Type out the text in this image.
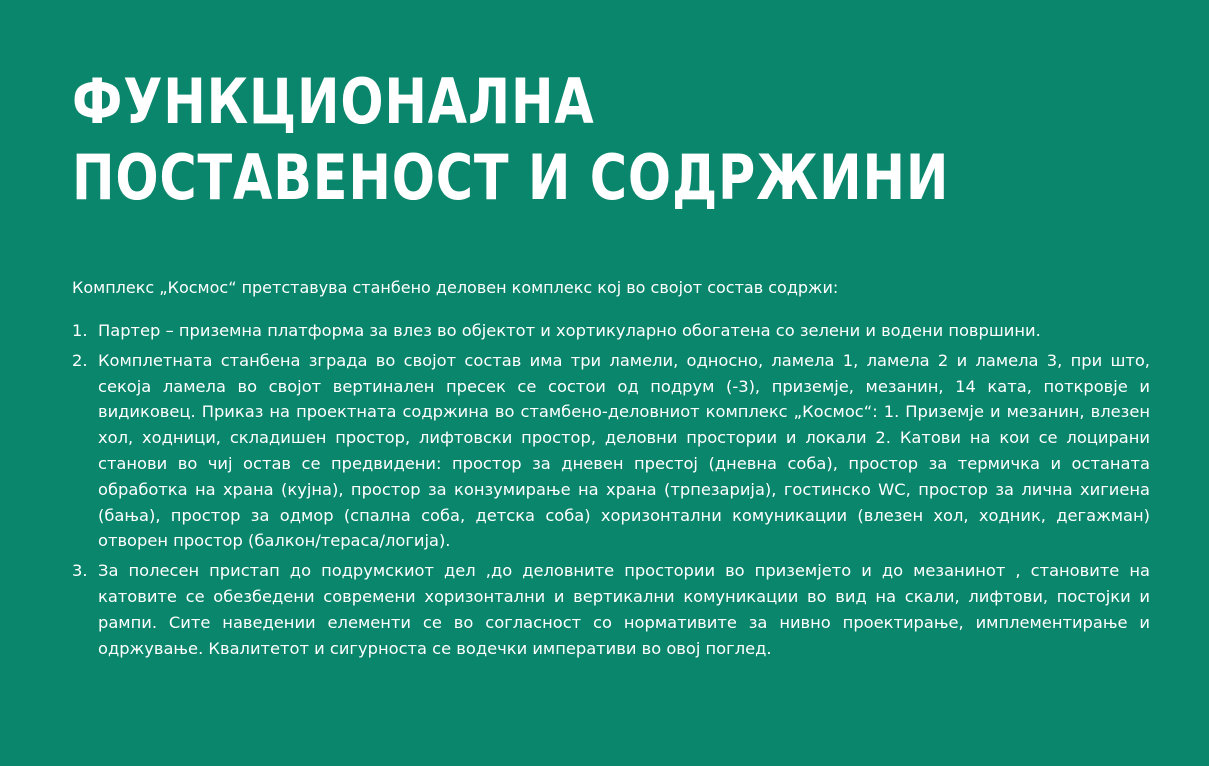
ФУНКЦИОНАЛНА
ПОСТАВЕНОСТ И СОДРЖИНИ

Комплекс „Космос“ претставува станбено деловен комплекс кој во својот состав содржи:

1. Партер – приземна платформа за влез во објектот и хортикуларно обогатена со зелени и водени површини.
2. Комплетната станбена зграда во својот состав има три ламели, односно, ламела 1, ламела 2 и ламела 3, при што, секоја ламела во својот вертинален пресек се состои од подрум (-3), приземје, мезанин, 14 ката, поткровје и видиковец. Приказ на проектната содржина во стамбено-деловниот комплекс „Космос“: 1. Приземје и мезанин, влезен хол, ходници, складишен простор, лифтовски простор, деловни простории и локали 2. Катови на кои се лоцирани станови во чиј остав се предвидени: простор за дневен престој (дневна соба), простор за термичка и останата обработка на храна (кујна), простор за конзумирање на храна (трпезарија), гостинско WC, простор за лична хигиена (бања), простор за одмор (спална соба, детска соба) хоризонтални комуникации (влезен хол, ходник, дегажман) отворен простор (балкон/тераса/логија).
3. За полесен пристап до подрумскиот дел ,до деловните простории во приземјето и до мезанинот , становите на катовите се обезбедени современи хоризонтални и вертикални комуникации во вид на скали, лифтови, постојки и рампи. Сите наведении елементи се во согласност со нормативите за нивно проектирање, имплементирање и одржување. Квалитетот и сигурноста се водечки императиви во овој поглед.
